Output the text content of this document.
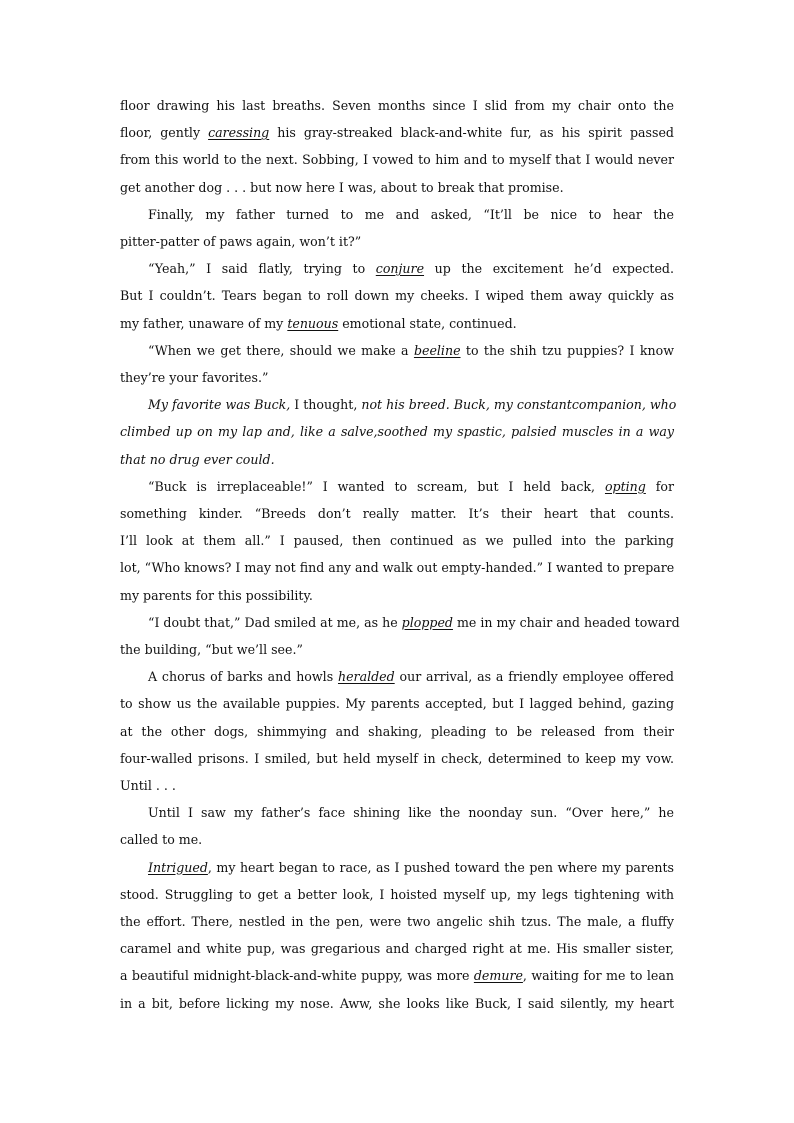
floor drawing his last breaths. Seven months since I slid from my chair onto the
floor, gently caressing his gray-streaked black-and-white fur, as his spirit passed
from this world to the next. Sobbing, I vowed to him and to myself that I would never
get another dog . . . but now here I was, about to break that promise.
Finally, my father turned to me and asked, “It’ll be nice to hear the
pitter-patter of paws again, won’t it?”
“Yeah,” I said flatly, trying to conjure up the excitement he’d expected.
But I couldn’t. Tears began to roll down my cheeks. I wiped them away quickly as
my father, unaware of my tenuous emotional state, continued.
“When we get there, should we make a beeline to the shih tzu puppies? I know
they’re your favorites.”
My favorite was Buck, I thought, not his breed. Buck, my constantcompanion, who
climbed up on my lap and, like a salve,soothed my spastic, palsied muscles in a way
that no drug ever could.
“Buck is irreplaceable!” I wanted to scream, but I held back, opting for
something kinder. “Breeds don’t really matter. It’s their heart that counts.
I’ll look at them all.” I paused, then continued as we pulled into the parking
lot, “Who knows? I may not find any and walk out empty-handed.” I wanted to prepare
my parents for this possibility.
“I doubt that,” Dad smiled at me, as he plopped me in my chair and headed toward
the building, “but we’ll see.”
A chorus of barks and howls heralded our arrival, as a friendly employee offered
to show us the available puppies. My parents accepted, but I lagged behind, gazing
at the other dogs, shimmying and shaking, pleading to be released from their
four-walled prisons. I smiled, but held myself in check, determined to keep my vow.
Until . . .
Until I saw my father’s face shining like the noonday sun. “Over here,” he
called to me.
Intrigued, my heart began to race, as I pushed toward the pen where my parents
stood. Struggling to get a better look, I hoisted myself up, my legs tightening with
the effort. There, nestled in the pen, were two angelic shih tzus. The male, a fluffy
caramel and white pup, was gregarious and charged right at me. His smaller sister,
a beautiful midnight-black-and-white puppy, was more demure, waiting for me to lean
in a bit, before licking my nose. Aww, she looks like Buck, I said silently, my heart
